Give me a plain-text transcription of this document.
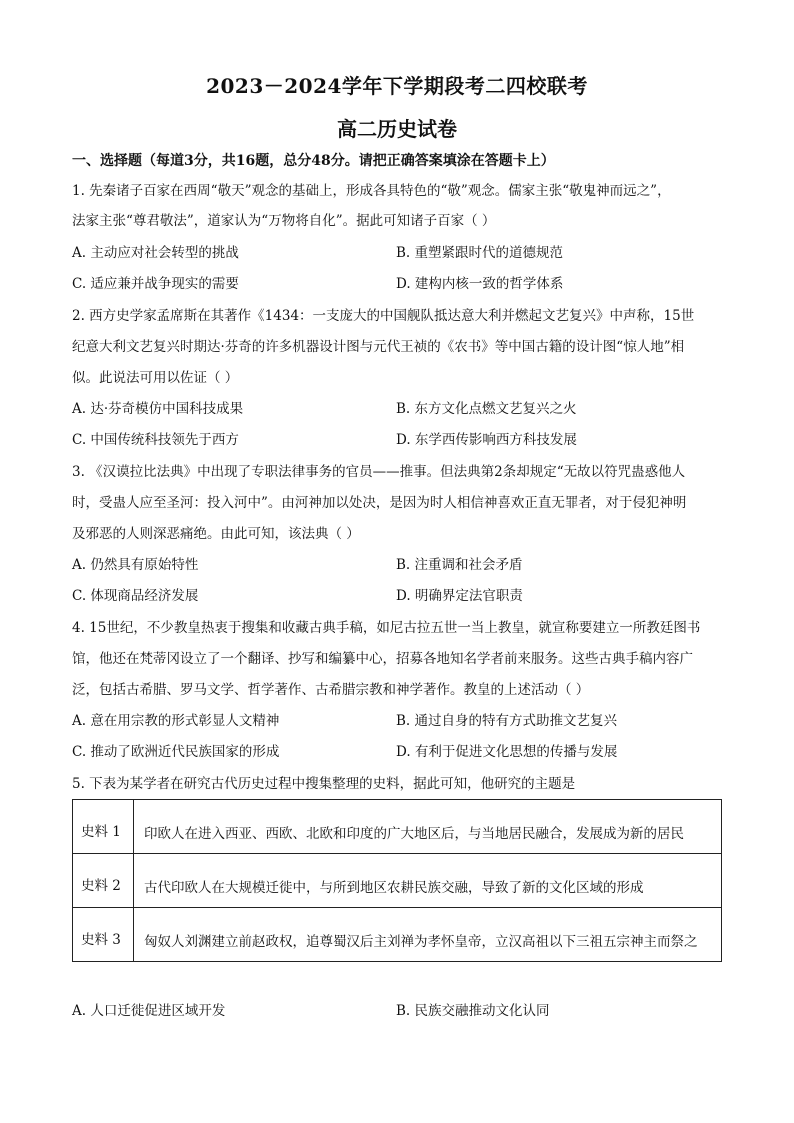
2023－2024学年下学期段考二四校联考
高二历史试卷
一、选择题（每道3分，共16题，总分48分。请把正确答案填涂在答题卡上）
1. 先秦诸子百家在西周“敬天”观念的基础上，形成各具特色的“敬”观念。儒家主张“敬鬼神而远之”，
法家主张“尊君敬法”，道家认为“万物将自化”。据此可知诸子百家（ ）
A. 主动应对社会转型的挑战	B. 重塑紧跟时代的道德规范
C. 适应兼并战争现实的需要	D. 建构内核一致的哲学体系
2. 西方史学家孟席斯在其著作《1434：一支庞大的中国舰队抵达意大利并燃起文艺复兴》中声称，15世
纪意大利文艺复兴时期达·芬奇的许多机器设计图与元代王祯的《农书》等中国古籍的设计图“惊人地”相
似。此说法可用以佐证（ ）
A. 达·芬奇模仿中国科技成果	B. 东方文化点燃文艺复兴之火
C. 中国传统科技领先于西方	D. 东学西传影响西方科技发展
3. 《汉谟拉比法典》中出现了专职法律事务的官员——推事。但法典第2条却规定“无故以符咒蛊惑他人
时，受蛊人应至圣河：投入河中”。由河神加以处决，是因为时人相信神喜欢正直无罪者，对于侵犯神明
及邪恶的人则深恶痛绝。由此可知，该法典（ ）
A. 仍然具有原始特性	B. 注重调和社会矛盾
C. 体现商品经济发展	D. 明确界定法官职责
4. 15世纪，不少教皇热衷于搜集和收藏古典手稿，如尼古拉五世一当上教皇，就宣称要建立一所教廷图书
馆，他还在梵蒂冈设立了一个翻译、抄写和编纂中心，招募各地知名学者前来服务。这些古典手稿内容广
泛，包括古希腊、罗马文学、哲学著作、古希腊宗教和神学著作。教皇的上述活动（ ）
A. 意在用宗教的形式彰显人文精神	B. 通过自身的特有方式助推文艺复兴
C. 推动了欧洲近代民族国家的形成	D. 有利于促进文化思想的传播与发展
5. 下表为某学者在研究古代历史过程中搜集整理的史料，据此可知，他研究的主题是
史料 1	印欧人在进入西亚、西欧、北欧和印度的广大地区后，与当地居民融合，发展成为新的居民
史料 2	古代印欧人在大规模迁徙中，与所到地区农耕民族交融，导致了新的文化区域的形成
史料 3	匈奴人刘渊建立前赵政权，追尊蜀汉后主刘禅为孝怀皇帝，立汉高祖以下三祖五宗神主而祭之
A. 人口迁徙促进区域开发	B. 民族交融推动文化认同
